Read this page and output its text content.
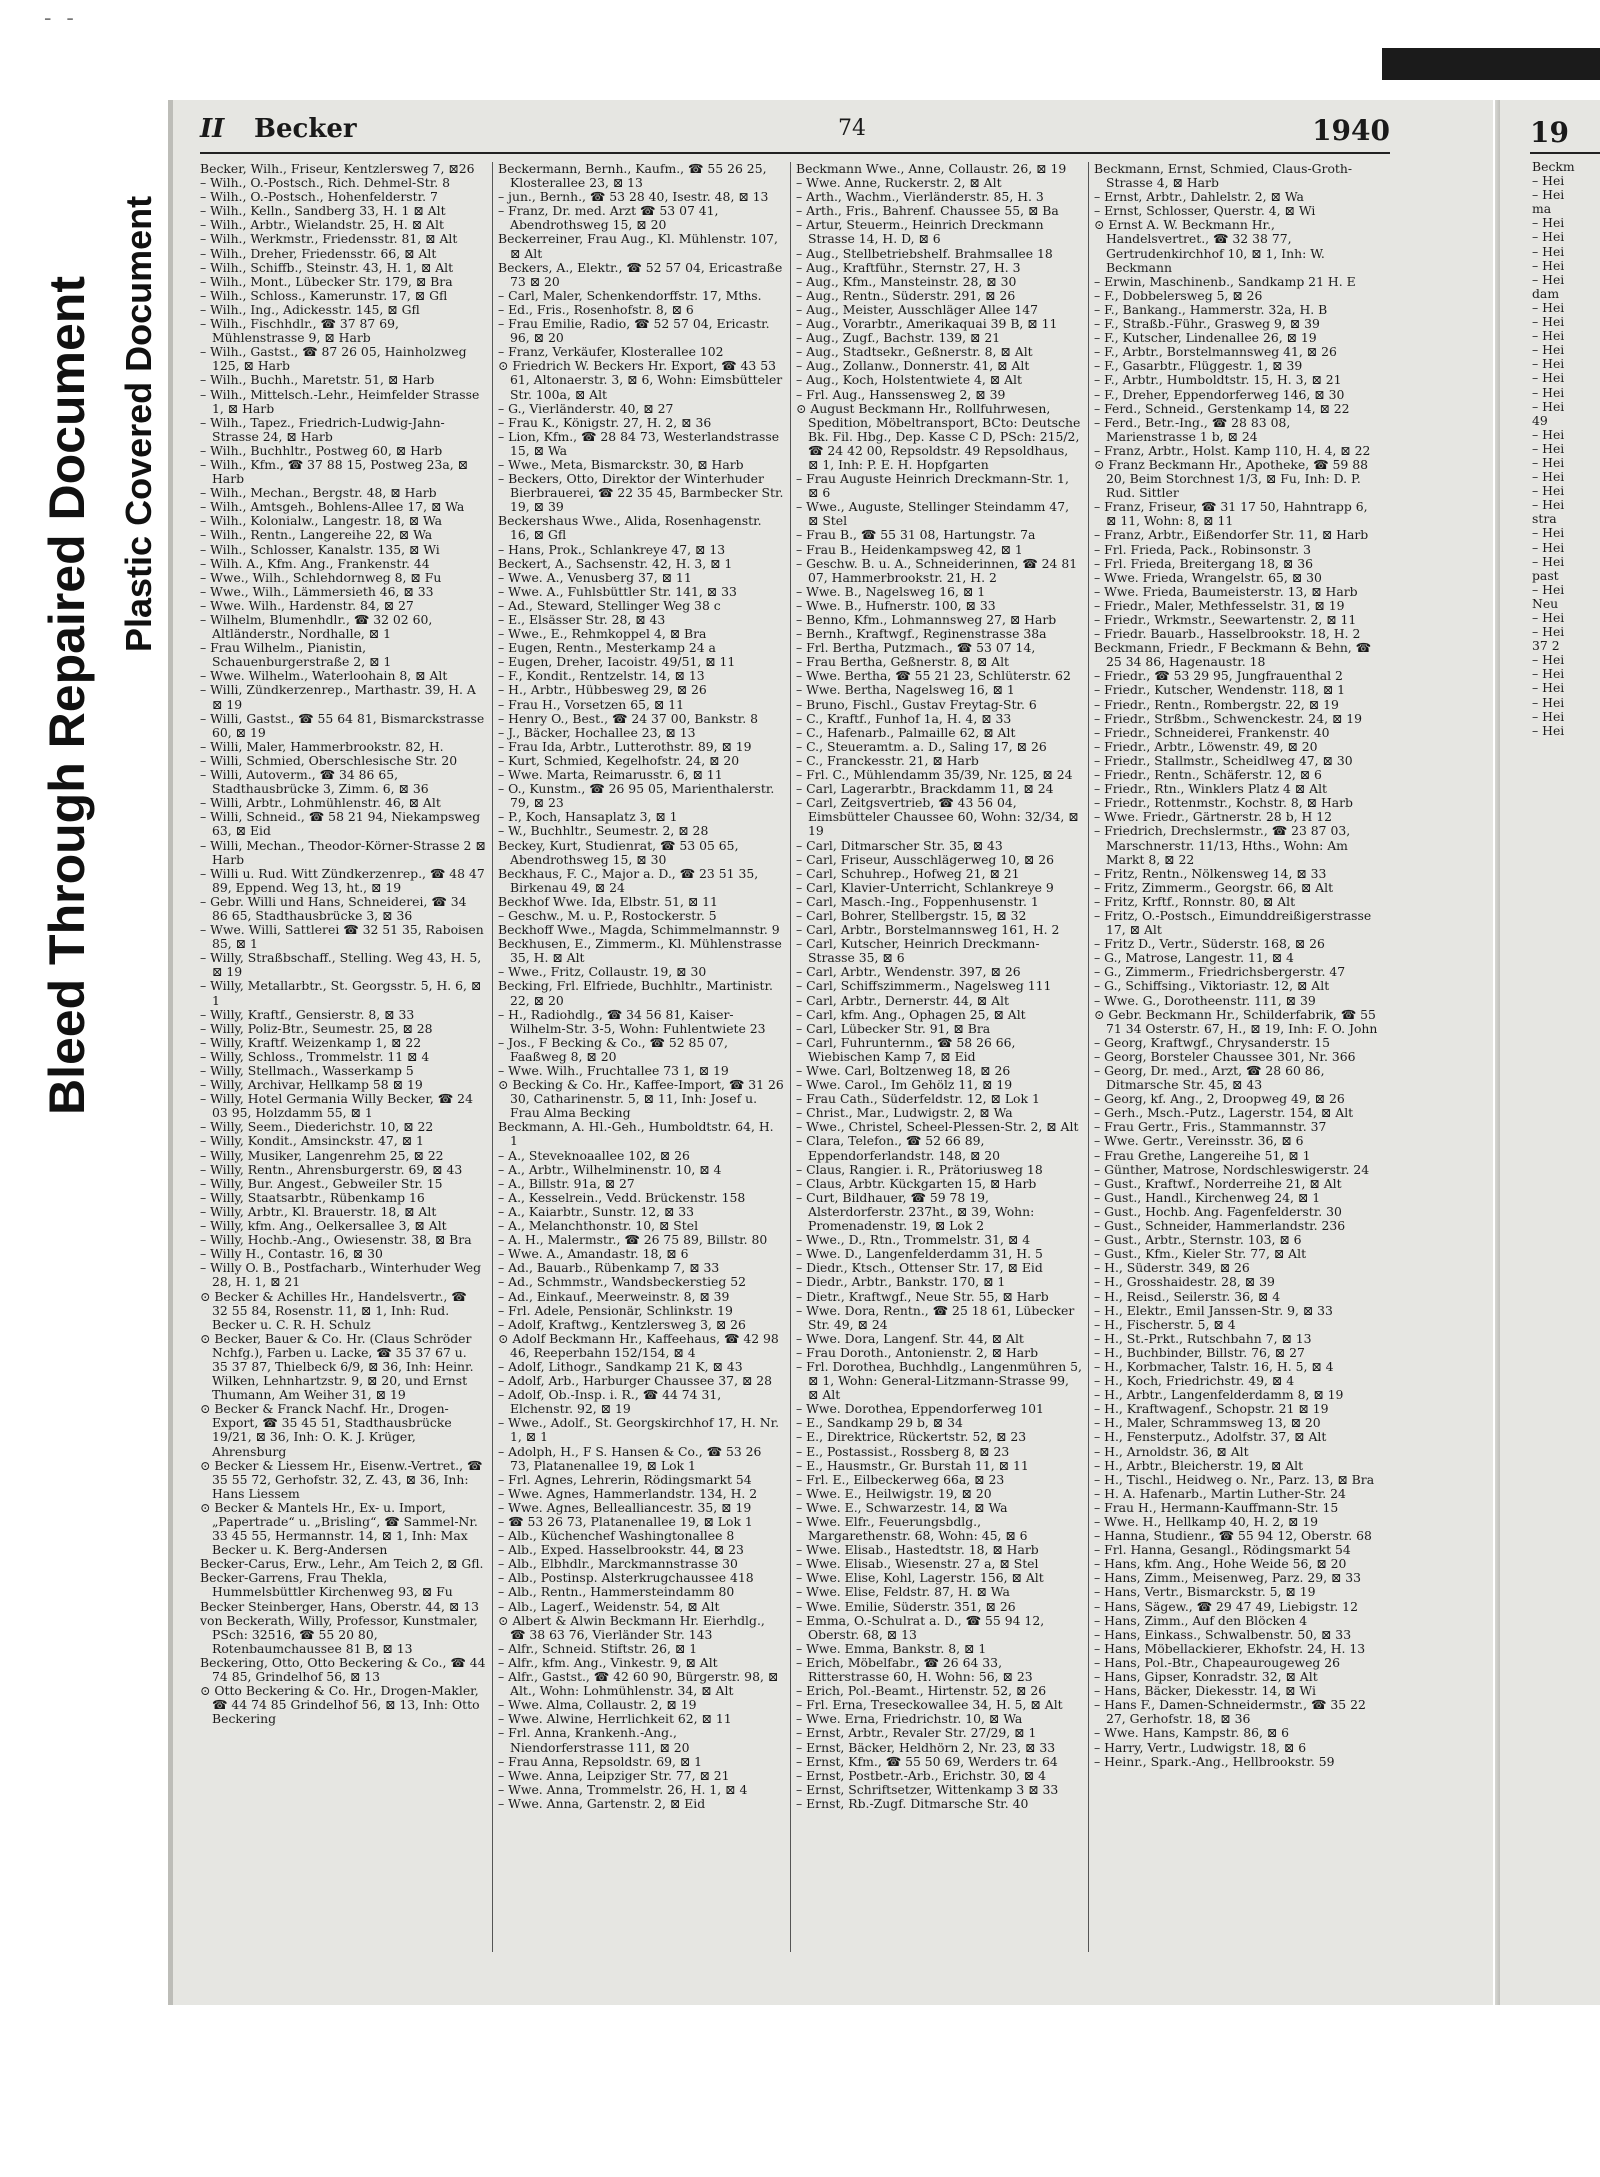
- -
Bleed Through Repaired Document Plastic Covered Document
19
Beckm
– Hei
– Hei
ma
– Hei
– Hei
– Hei
– Hei
– Hei
dam
– Hei
– Hei
– Hei
– Hei
– Hei
– Hei
– Hei
– Hei
49
– Hei
– Hei
– Hei
– Hei
– Hei
– Hei
stra
– Hei
– Hei
– Hei
past
– Hei
Neu
– Hei
– Hei
37 2
– Hei
– Hei
– Hei
– Hei
– Hei
– Hei
II Becker	74	1940
Becker, Wilh., Friseur, Kentzlersweg 7, ⊠26
– Wilh., O.-Postsch., Rich. Dehmel-Str. 8
– Wilh., O.-Postsch., Hohenfelderstr. 7
– Wilh., Kelln., Sandberg 33, H. 1 ⊠ Alt
– Wilh., Arbtr., Wielandstr. 25, H. ⊠ Alt
– Wilh., Werkmstr., Friedensstr. 81, ⊠ Alt
– Wilh., Dreher, Friedensstr. 66, ⊠ Alt
– Wilh., Schiffb., Steinstr. 43, H. 1, ⊠ Alt
– Wilh., Mont., Lübecker Str. 179, ⊠ Bra
– Wilh., Schloss., Kamerunstr. 17, ⊠ Gfl
– Wilh., Ing., Adickesstr. 145, ⊠ Gfl
– Wilh., Fischhdlr., ☎ 37 87 69, Mühlenstrasse 9, ⊠ Harb
– Wilh., Gastst., ☎ 87 26 05, Hainholzweg 125, ⊠ Harb
– Wilh., Buchh., Maretstr. 51, ⊠ Harb
– Wilh., Mittelsch.-Lehr., Heimfelder Strasse 1, ⊠ Harb
– Wilh., Tapez., Friedrich-Ludwig-Jahn-Strasse 24, ⊠ Harb
– Wilh., Buchhltr., Postweg 60, ⊠ Harb
– Wilh., Kfm., ☎ 37 88 15, Postweg 23a, ⊠ Harb
– Wilh., Mechan., Bergstr. 48, ⊠ Harb
– Wilh., Amtsgeh., Bohlens-Allee 17, ⊠ Wa
– Wilh., Kolonialw., Langestr. 18, ⊠ Wa
– Wilh., Rentn., Langereihe 22, ⊠ Wa
– Wilh., Schlosser, Kanalstr. 135, ⊠ Wi
– Wilh. A., Kfm. Ang., Frankenstr. 44
– Wwe., Wilh., Schlehdornweg 8, ⊠ Fu
– Wwe., Wilh., Lämmersieth 46, ⊠ 33
– Wwe. Wilh., Hardenstr. 84, ⊠ 27
– Wilhelm, Blumenhdlr., ☎ 32 02 60, Altländerstr., Nordhalle, ⊠ 1
– Frau Wilhelm., Pianistin, Schauenburgerstraße 2, ⊠ 1
– Wwe. Wilhelm., Waterloohain 8, ⊠ Alt
– Willi, Zündkerzenrep., Marthastr. 39, H. A ⊠ 19
– Willi, Gastst., ☎ 55 64 81, Bismarckstrasse 60, ⊠ 19
– Willi, Maler, Hammerbrookstr. 82, H.
– Willi, Schmied, Oberschlesische Str. 20
– Willi, Autoverm., ☎ 34 86 65, Stadthausbrücke 3, Zimm. 6, ⊠ 36
– Willi, Arbtr., Lohmühlenstr. 46, ⊠ Alt
– Willi, Schneid., ☎ 58 21 94, Niekampsweg 63, ⊠ Eid
– Willi, Mechan., Theodor-Körner-Strasse 2 ⊠ Harb
– Willi u. Rud. Witt Zündkerzenrep., ☎ 48 47 89, Eppend. Weg 13, ht., ⊠ 19
– Gebr. Willi und Hans, Schneiderei, ☎ 34 86 65, Stadthausbrücke 3, ⊠ 36
– Wwe. Willi, Sattlerei ☎ 32 51 35, Raboisen 85, ⊠ 1
– Willy, Straßbschaff., Stelling. Weg 43, H. 5, ⊠ 19
– Willy, Metallarbtr., St. Georgsstr. 5, H. 6, ⊠ 1
– Willy, Kraftf., Gensierstr. 8, ⊠ 33
– Willy, Poliz-Btr., Seumestr. 25, ⊠ 28
– Willy, Kraftf. Weizenkamp 1, ⊠ 22
– Willy, Schloss., Trommelstr. 11 ⊠ 4
– Willy, Stellmach., Wasserkamp 5
– Willy, Archivar, Hellkamp 58 ⊠ 19
– Willy, Hotel Germania Willy Becker, ☎ 24 03 95, Holzdamm 55, ⊠ 1
– Willy, Seem., Diederichstr. 10, ⊠ 22
– Willy, Kondit., Amsinckstr. 47, ⊠ 1
– Willy, Musiker, Langenrehm 25, ⊠ 22
– Willy, Rentn., Ahrensburgerstr. 69, ⊠ 43
– Willy, Bur. Angest., Gebweiler Str. 15
– Willy, Staatsarbtr., Rübenkamp 16
– Willy, Arbtr., Kl. Brauerstr. 18, ⊠ Alt
– Willy, kfm. Ang., Oelkersallee 3, ⊠ Alt
– Willy, Hochb.-Ang., Owiesenstr. 38, ⊠ Bra
– Willy H., Contastr. 16, ⊠ 30
– Willy O. B., Postfacharb., Winterhuder Weg 28, H. 1, ⊠ 21
⊙ Becker & Achilles Hr., Handelsvertr., ☎ 32 55 84, Rosenstr. 11, ⊠ 1, Inh: Rud. Becker u. C. R. H. Schulz
⊙ Becker, Bauer & Co. Hr. (Claus Schröder Nchfg.), Farben u. Lacke, ☎ 35 37 67 u. 35 37 87, Thielbeck 6/9, ⊠ 36, Inh: Heinr. Wilken, Lehnhartzstr. 9, ⊠ 20, und Ernst Thumann, Am Weiher 31, ⊠ 19
⊙ Becker & Franck Nachf. Hr., Drogen-Export, ☎ 35 45 51, Stadthausbrücke 19/21, ⊠ 36, Inh: O. K. J. Krüger, Ahrensburg
⊙ Becker & Liessem Hr., Eisenw.-Vertret., ☎ 35 55 72, Gerhofstr. 32, Z. 43, ⊠ 36, Inh: Hans Liessem
⊙ Becker & Mantels Hr., Ex- u. Import, „Papertrade“ u. „Brisling“, ☎ Sammel-Nr. 33 45 55, Hermannstr. 14, ⊠ 1, Inh: Max Becker u. K. Berg-Andersen
Becker-Carus, Erw., Lehr., Am Teich 2, ⊠ Gfl.
Becker-Garrens, Frau Thekla, Hummelsbüttler Kirchenweg 93, ⊠ Fu
Becker Steinberger, Hans, Oberstr. 44, ⊠ 13
von Beckerath, Willy, Professor, Kunstmaler, PSch: 32516, ☎ 55 20 80, Rotenbaumchaussee 81 B, ⊠ 13
Beckering, Otto, Otto Beckering & Co., ☎ 44 74 85, Grindelhof 56, ⊠ 13
⊙ Otto Beckering & Co. Hr., Drogen-Makler, ☎ 44 74 85 Grindelhof 56, ⊠ 13, Inh: Otto Beckering
Beckermann, Bernh., Kaufm., ☎ 55 26 25, Klosterallee 23, ⊠ 13
– jun., Bernh., ☎ 53 28 40, Isestr. 48, ⊠ 13
– Franz, Dr. med. Arzt ☎ 53 07 41, Abendrothsweg 15, ⊠ 20
Beckerreiner, Frau Aug., Kl. Mühlenstr. 107, ⊠ Alt
Beckers, A., Elektr., ☎ 52 57 04, Ericastraße 73 ⊠ 20
– Carl, Maler, Schenkendorffstr. 17, Mths.
– Ed., Fris., Rosenhofstr. 8, ⊠ 6
– Frau Emilie, Radio, ☎ 52 57 04, Ericastr. 96, ⊠ 20
– Franz, Verkäufer, Klosterallee 102
⊙ Friedrich W. Beckers Hr. Export, ☎ 43 53 61, Altonaerstr. 3, ⊠ 6, Wohn: Eimsbütteler Str. 100a, ⊠ Alt
– G., Vierländerstr. 40, ⊠ 27
– Frau K., Königstr. 27, H. 2, ⊠ 36
– Lion, Kfm., ☎ 28 84 73, Westerlandstrasse 15, ⊠ Wa
– Wwe., Meta, Bismarckstr. 30, ⊠ Harb
– Beckers, Otto, Direktor der Winterhuder Bierbrauerei, ☎ 22 35 45, Barmbecker Str. 19, ⊠ 39
Beckershaus Wwe., Alida, Rosenhagenstr. 16, ⊠ Gfl
– Hans, Prok., Schlankreye 47, ⊠ 13
Beckert, A., Sachsenstr. 42, H. 3, ⊠ 1
– Wwe. A., Venusberg 37, ⊠ 11
– Wwe. A., Fuhlsbüttler Str. 141, ⊠ 33
– Ad., Steward, Stellinger Weg 38 c
– E., Elsässer Str. 28, ⊠ 43
– Wwe., E., Rehmkoppel 4, ⊠ Bra
– Eugen, Rentn., Mesterkamp 24 a
– Eugen, Dreher, Iacoistr. 49/51, ⊠ 11
– F., Kondit., Rentzelstr. 14, ⊠ 13
– H., Arbtr., Hübbesweg 29, ⊠ 26
– Frau H., Vorsetzen 65, ⊠ 11
– Henry O., Best., ☎ 24 37 00, Bankstr. 8
– J., Bäcker, Hochallee 23, ⊠ 13
– Frau Ida, Arbtr., Lutterothstr. 89, ⊠ 19
– Kurt, Schmied, Kegelhofstr. 24, ⊠ 20
– Wwe. Marta, Reimarusstr. 6, ⊠ 11
– O., Kunstm., ☎ 26 95 05, Marienthalerstr. 79, ⊠ 23
– P., Koch, Hansaplatz 3, ⊠ 1
– W., Buchhltr., Seumestr. 2, ⊠ 28
Beckey, Kurt, Studienrat, ☎ 53 05 65, Abendrothsweg 15, ⊠ 30
Beckhaus, F. C., Major a. D., ☎ 23 51 35, Birkenau 49, ⊠ 24
Beckhof Wwe. Ida, Elbstr. 51, ⊠ 11
– Geschw., M. u. P., Rostockerstr. 5
Beckhoff Wwe., Magda, Schimmelmannstr. 9
Beckhusen, E., Zimmerm., Kl. Mühlenstrasse 35, H. ⊠ Alt
– Wwe., Fritz, Collaustr. 19, ⊠ 30
Becking, Frl. Elfriede, Buchhltr., Martinistr. 22, ⊠ 20
– H., Radiohdlg., ☎ 34 56 81, Kaiser-Wilhelm-Str. 3-5, Wohn: Fuhlentwiete 23
– Jos., F Becking & Co., ☎ 52 85 07, Faaßweg 8, ⊠ 20
– Wwe. Wilh., Fruchtallee 73 1, ⊠ 19
⊙ Becking & Co. Hr., Kaffee-Import, ☎ 31 26 30, Catharinenstr. 5, ⊠ 11, Inh: Josef u. Frau Alma Becking
Beckmann, A. Hl.-Geh., Humboldtstr. 64, H. 1
– A., Steveknoaallee 102, ⊠ 26
– A., Arbtr., Wilhelminenstr. 10, ⊠ 4
– A., Billstr. 91a, ⊠ 27
– A., Kesselrein., Vedd. Brückenstr. 158
– A., Kaiarbtr., Sunstr. 12, ⊠ 33
– A., Melanchthonstr. 10, ⊠ Stel
– A. H., Malermstr., ☎ 26 75 89, Billstr. 80
– Wwe. A., Amandastr. 18, ⊠ 6
– Ad., Bauarb., Rübenkamp 7, ⊠ 33
– Ad., Schmmstr., Wandsbeckerstieg 52
– Ad., Einkauf., Meerweinstr. 8, ⊠ 39
– Frl. Adele, Pensionär, Schlinkstr. 19
– Adolf, Kraftwg., Kentzlersweg 3, ⊠ 26
⊙ Adolf Beckmann Hr., Kaffeehaus, ☎ 42 98 46, Reeperbahn 152/154, ⊠ 4
– Adolf, Lithogr., Sandkamp 21 K, ⊠ 43
– Adolf, Arb., Harburger Chaussee 37, ⊠ 28
– Adolf, Ob.-Insp. i. R., ☎ 44 74 31, Elchenstr. 92, ⊠ 19
– Wwe., Adolf., St. Georgskirchhof 17, H. Nr. 1, ⊠ 1
– Adolph, H., F S. Hansen & Co., ☎ 53 26 73, Platanenallee 19, ⊠ Lok 1
– Frl. Agnes, Lehrerin, Rödingsmarkt 54
– Wwe. Agnes, Hammerlandstr. 134, H. 2
– Wwe. Agnes, Bellealliancestr. 35, ⊠ 19
– ☎ 53 26 73, Platanenallee 19, ⊠ Lok 1
– Alb., Küchenchef Washingtonallee 8
– Alb., Exped. Hasselbrookstr. 44, ⊠ 23
– Alb., Elbhdlr., Marckmannstrasse 30
– Alb., Postinsp. Alsterkrugchaussee 418
– Alb., Rentn., Hammersteindamm 80
– Alb., Lagerf., Weidenstr. 54, ⊠ Alt
⊙ Albert & Alwin Beckmann Hr. Eierhdlg., ☎ 38 63 76, Vierländer Str. 143
– Alfr., Schneid. Stiftstr. 26, ⊠ 1
– Alfr., kfm. Ang., Vinkestr. 9, ⊠ Alt
– Alfr., Gastst., ☎ 42 60 90, Bürgerstr. 98, ⊠ Alt., Wohn: Lohmühlenstr. 34, ⊠ Alt
– Wwe. Alma, Collaustr. 2, ⊠ 19
– Wwe. Alwine, Herrlichkeit 62, ⊠ 11
– Frl. Anna, Krankenh.-Ang., Niendorferstrasse 111, ⊠ 20
– Frau Anna, Repsoldstr. 69, ⊠ 1
– Wwe. Anna, Leipziger Str. 77, ⊠ 21
– Wwe. Anna, Trommelstr. 26, H. 1, ⊠ 4
– Wwe. Anna, Gartenstr. 2, ⊠ Eid
Beckmann Wwe., Anne, Collaustr. 26, ⊠ 19
– Wwe. Anne, Ruckerstr. 2, ⊠ Alt
– Arth., Wachm., Vierländerstr. 85, H. 3
– Arth., Fris., Bahrenf. Chaussee 55, ⊠ Ba
– Artur, Steuerm., Heinrich Dreckmann Strasse 14, H. D, ⊠ 6
– Aug., Stellbetriebshelf. Brahmsallee 18
– Aug., Kraftführ., Sternstr. 27, H. 3
– Aug., Kfm., Mansteinstr. 28, ⊠ 30
– Aug., Rentn., Süderstr. 291, ⊠ 26
– Aug., Meister, Ausschläger Allee 147
– Aug., Vorarbtr., Amerikaquai 39 B, ⊠ 11
– Aug., Zugf., Bachstr. 139, ⊠ 21
– Aug., Stadtsekr., Geßnerstr. 8, ⊠ Alt
– Aug., Zollanw., Donnerstr. 41, ⊠ Alt
– Aug., Koch, Holstentwiete 4, ⊠ Alt
– Frl. Aug., Hanssensweg 2, ⊠ 39
⊙ August Beckmann Hr., Rollfuhrwesen, Spedition, Möbeltransport, BCto: Deutsche Bk. Fil. Hbg., Dep. Kasse C D, PSch: 215/2, ☎ 24 42 00, Repsoldstr. 49 Repsoldhaus, ⊠ 1, Inh: P. E. H. Hopfgarten
– Frau Auguste Heinrich Dreckmann-Str. 1, ⊠ 6
– Wwe., Auguste, Stellinger Steindamm 47, ⊠ Stel
– Frau B., ☎ 55 31 08, Hartungstr. 7a
– Frau B., Heidenkampsweg 42, ⊠ 1
– Geschw. B. u. A., Schneiderinnen, ☎ 24 81 07, Hammerbrookstr. 21, H. 2
– Wwe. B., Nagelsweg 16, ⊠ 1
– Wwe. B., Hufnerstr. 100, ⊠ 33
– Benno, Kfm., Lohmannsweg 27, ⊠ Harb
– Bernh., Kraftwgf., Reginenstrasse 38a
– Frl. Bertha, Putzmach., ☎ 53 07 14,
– Frau Bertha, Geßnerstr. 8, ⊠ Alt
– Wwe. Bertha, ☎ 55 21 23, Schlüterstr. 62
– Wwe. Bertha, Nagelsweg 16, ⊠ 1
– Bruno, Fischl., Gustav Freytag-Str. 6
– C., Kraftf., Funhof 1a, H. 4, ⊠ 33
– C., Hafenarb., Palmaille 62, ⊠ Alt
– C., Steueramtm. a. D., Saling 17, ⊠ 26
– C., Franckesstr. 21, ⊠ Harb
– Frl. C., Mühlendamm 35/39, Nr. 125, ⊠ 24
– Carl, Lagerarbtr., Brackdamm 11, ⊠ 24
– Carl, Zeitgsvertrieb, ☎ 43 56 04, Eimsbütteler Chaussee 60, Wohn: 32/34, ⊠ 19
– Carl, Ditmarscher Str. 35, ⊠ 43
– Carl, Friseur, Ausschlägerweg 10, ⊠ 26
– Carl, Schuhrep., Hofweg 21, ⊠ 21
– Carl, Klavier-Unterricht, Schlankreye 9
– Carl, Masch.-Ing., Foppenhusenstr. 1
– Carl, Bohrer, Stellbergstr. 15, ⊠ 32
– Carl, Arbtr., Borstelmannsweg 161, H. 2
– Carl, Kutscher, Heinrich Dreckmann-Strasse 35, ⊠ 6
– Carl, Arbtr., Wendenstr. 397, ⊠ 26
– Carl, Schiffszimmerm., Nagelsweg 111
– Carl, Arbtr., Dernerstr. 44, ⊠ Alt
– Carl, kfm. Ang., Ophagen 25, ⊠ Alt
– Carl, Lübecker Str. 91, ⊠ Bra
– Carl, Fuhrunternm., ☎ 58 26 66, Wiebischen Kamp 7, ⊠ Eid
– Wwe. Carl, Boltzenweg 18, ⊠ 26
– Wwe. Carol., Im Gehölz 11, ⊠ 19
– Frau Cath., Süderfeldstr. 12, ⊠ Lok 1
– Christ., Mar., Ludwigstr. 2, ⊠ Wa
– Wwe., Christel, Scheel-Plessen-Str. 2, ⊠ Alt
– Clara, Telefon., ☎ 52 66 89, Eppendorferlandstr. 148, ⊠ 20
– Claus, Rangier. i. R., Prätoriusweg 18
– Claus, Arbtr. Kückgarten 15, ⊠ Harb
– Curt, Bildhauer, ☎ 59 78 19, Alsterdorferstr. 237ht., ⊠ 39, Wohn: Promenadenstr. 19, ⊠ Lok 2
– Wwe., D., Rtn., Trommelstr. 31, ⊠ 4
– Wwe. D., Langenfelderdamm 31, H. 5
– Diedr., Ktsch., Ottenser Str. 17, ⊠ Eid
– Diedr., Arbtr., Bankstr. 170, ⊠ 1
– Dietr., Kraftwgf., Neue Str. 55, ⊠ Harb
– Wwe. Dora, Rentn., ☎ 25 18 61, Lübecker Str. 49, ⊠ 24
– Wwe. Dora, Langenf. Str. 44, ⊠ Alt
– Frau Doroth., Antonienstr. 2, ⊠ Harb
– Frl. Dorothea, Buchhdlg., Langenmühren 5, ⊠ 1, Wohn: General-Litzmann-Strasse 99, ⊠ Alt
– Wwe. Dorothea, Eppendorferweg 101
– E., Sandkamp 29 b, ⊠ 34
– E., Direktrice, Rückertstr. 52, ⊠ 23
– E., Postassist., Rossberg 8, ⊠ 23
– E., Hausmstr., Gr. Burstah 11, ⊠ 11
– Frl. E., Eilbeckerweg 66a, ⊠ 23
– Wwe. E., Heilwigstr. 19, ⊠ 20
– Wwe. E., Schwarzestr. 14, ⊠ Wa
– Wwe. Elfr., Feuerungsbdlg., Margarethenstr. 68, Wohn: 45, ⊠ 6
– Wwe. Elisab., Hastedtstr. 18, ⊠ Harb
– Wwe. Elisab., Wiesenstr. 27 a, ⊠ Stel
– Wwe. Elise, Kohl, Lagerstr. 156, ⊠ Alt
– Wwe. Elise, Feldstr. 87, H. ⊠ Wa
– Wwe. Emilie, Süderstr. 351, ⊠ 26
– Emma, O.-Schulrat a. D., ☎ 55 94 12, Oberstr. 68, ⊠ 13
– Wwe. Emma, Bankstr. 8, ⊠ 1
– Erich, Möbelfabr., ☎ 26 64 33, Ritterstrasse 60, H. Wohn: 56, ⊠ 23
– Erich, Pol.-Beamt., Hirtenstr. 52, ⊠ 26
– Frl. Erna, Treseckowallee 34, H. 5, ⊠ Alt
– Wwe. Erna, Friedrichstr. 10, ⊠ Wa
– Ernst, Arbtr., Revaler Str. 27/29, ⊠ 1
– Ernst, Bäcker, Heldhörn 2, Nr. 23, ⊠ 33
– Ernst, Kfm., ☎ 55 50 69, Werders tr. 64
– Ernst, Postbetr.-Arb., Erichstr. 30, ⊠ 4
– Ernst, Schriftsetzer, Wittenkamp 3 ⊠ 33
– Ernst, Rb.-Zugf. Ditmarsche Str. 40
Beckmann, Ernst, Schmied, Claus-Groth-Strasse 4, ⊠ Harb
– Ernst, Arbtr., Dahlelstr. 2, ⊠ Wa
– Ernst, Schlosser, Querstr. 4, ⊠ Wi
⊙ Ernst A. W. Beckmann Hr., Handelsvertret., ☎ 32 38 77, Gertrudenkirchhof 10, ⊠ 1, Inh: W. Beckmann
– Erwin, Maschinenb., Sandkamp 21 H. E
– F., Dobbelersweg 5, ⊠ 26
– F., Bankang., Hammerstr. 32a, H. B
– F., Straßb.-Führ., Grasweg 9, ⊠ 39
– F., Kutscher, Lindenallee 26, ⊠ 19
– F., Arbtr., Borstelmannsweg 41, ⊠ 26
– F., Gasarbtr., Flüggestr. 1, ⊠ 39
– F., Arbtr., Humboldtstr. 15, H. 3, ⊠ 21
– F., Dreher, Eppendorferweg 146, ⊠ 30
– Ferd., Schneid., Gerstenkamp 14, ⊠ 22
– Ferd., Betr.-Ing., ☎ 28 83 08, Marienstrasse 1 b, ⊠ 24
– Franz, Arbtr., Holst. Kamp 110, H. 4, ⊠ 22
⊙ Franz Beckmann Hr., Apotheke, ☎ 59 88 20, Beim Storchnest 1/3, ⊠ Fu, Inh: D. P. Rud. Sittler
– Franz, Friseur, ☎ 31 17 50, Hahntrapp 6, ⊠ 11, Wohn: 8, ⊠ 11
– Franz, Arbtr., Eißendorfer Str. 11, ⊠ Harb
– Frl. Frieda, Pack., Robinsonstr. 3
– Frl. Frieda, Breitergang 18, ⊠ 36
– Wwe. Frieda, Wrangelstr. 65, ⊠ 30
– Wwe. Frieda, Baumeisterstr. 13, ⊠ Harb
– Friedr., Maler, Methfesselstr. 31, ⊠ 19
– Friedr., Wrkmstr., Seewartenstr. 2, ⊠ 11
– Friedr. Bauarb., Hasselbrookstr. 18, H. 2
Beckmann, Friedr., F Beckmann & Behn, ☎ 25 34 86, Hagenaustr. 18
– Friedr., ☎ 53 29 95, Jungfrauenthal 2
– Friedr., Kutscher, Wendenstr. 118, ⊠ 1
– Friedr., Rentn., Rombergstr. 22, ⊠ 19
– Friedr., Strßbm., Schwenckestr. 24, ⊠ 19
– Friedr., Schneiderei, Frankenstr. 40
– Friedr., Arbtr., Löwenstr. 49, ⊠ 20
– Friedr., Stallmstr., Scheidlweg 47, ⊠ 30
– Friedr., Rentn., Schäferstr. 12, ⊠ 6
– Friedr., Rtn., Winklers Platz 4 ⊠ Alt
– Friedr., Rottenmstr., Kochstr. 8, ⊠ Harb
– Wwe. Friedr., Gärtnerstr. 28 b, H 12
– Friedrich, Drechslermstr., ☎ 23 87 03, Marschnerstr. 11/13, Hths., Wohn: Am Markt 8, ⊠ 22
– Fritz, Rentn., Nölkensweg 14, ⊠ 33
– Fritz, Zimmerm., Georgstr. 66, ⊠ Alt
– Fritz, Krftf., Ronnstr. 80, ⊠ Alt
– Fritz, O.-Postsch., Eimunddreißigerstrasse 17, ⊠ Alt
– Fritz D., Vertr., Süderstr. 168, ⊠ 26
– G., Matrose, Langestr. 11, ⊠ 4
– G., Zimmerm., Friedrichsbergerstr. 47
– G., Schiffsing., Viktoriastr. 12, ⊠ Alt
– Wwe. G., Dorotheenstr. 111, ⊠ 39
⊙ Gebr. Beckmann Hr., Schilderfabrik, ☎ 55 71 34 Osterstr. 67, H., ⊠ 19, Inh: F. O. John
– Georg, Kraftwgf., Chrysanderstr. 15
– Georg, Borsteler Chaussee 301, Nr. 366
– Georg, Dr. med., Arzt, ☎ 28 60 86, Ditmarsche Str. 45, ⊠ 43
– Georg, kf. Ang., 2, Droopweg 49, ⊠ 26
– Gerh., Msch.-Putz., Lagerstr. 154, ⊠ Alt
– Frau Gertr., Fris., Stammannstr. 37
– Wwe. Gertr., Vereinsstr. 36, ⊠ 6
– Frau Grethe, Langereihe 51, ⊠ 1
– Günther, Matrose, Nordschleswigerstr. 24
– Gust., Kraftwf., Norderreihe 21, ⊠ Alt
– Gust., Handl., Kirchenweg 24, ⊠ 1
– Gust., Hochb. Ang. Fagenfelderstr. 30
– Gust., Schneider, Hammerlandstr. 236
– Gust., Arbtr., Sternstr. 103, ⊠ 6
– Gust., Kfm., Kieler Str. 77, ⊠ Alt
– H., Süderstr. 349, ⊠ 26
– H., Grosshaidestr. 28, ⊠ 39
– H., Reisd., Seilerstr. 36, ⊠ 4
– H., Elektr., Emil Janssen-Str. 9, ⊠ 33
– H., Fischerstr. 5, ⊠ 4
– H., St.-Prkt., Rutschbahn 7, ⊠ 13
– H., Buchbinder, Billstr. 76, ⊠ 27
– H., Korbmacher, Talstr. 16, H. 5, ⊠ 4
– H., Koch, Friedrichstr. 49, ⊠ 4
– H., Arbtr., Langenfelderdamm 8, ⊠ 19
– H., Kraftwagenf., Schopstr. 21 ⊠ 19
– H., Maler, Schrammsweg 13, ⊠ 20
– H., Fensterputz., Adolfstr. 37, ⊠ Alt
– H., Arnoldstr. 36, ⊠ Alt
– H., Arbtr., Bleicherstr. 19, ⊠ Alt
– H., Tischl., Heidweg o. Nr., Parz. 13, ⊠ Bra
– H. A. Hafenarb., Martin Luther-Str. 24
– Frau H., Hermann-Kauffmann-Str. 15
– Wwe. H., Hellkamp 40, H. 2, ⊠ 19
– Hanna, Studienr., ☎ 55 94 12, Oberstr. 68
– Frl. Hanna, Gesangl., Rödingsmarkt 54
– Hans, kfm. Ang., Hohe Weide 56, ⊠ 20
– Hans, Zimm., Meisenweg, Parz. 29, ⊠ 33
– Hans, Vertr., Bismarckstr. 5, ⊠ 19
– Hans, Sägew., ☎ 29 47 49, Liebigstr. 12
– Hans, Zimm., Auf den Blöcken 4
– Hans, Einkass., Schwalbenstr. 50, ⊠ 33
– Hans, Möbellackierer, Ekhofstr. 24, H. 13
– Hans, Pol.-Btr., Chapeaurougeweg 26
– Hans, Gipser, Konradstr. 32, ⊠ Alt
– Hans, Bäcker, Diekesstr. 14, ⊠ Wi
– Hans F., Damen-Schneidermstr., ☎ 35 22 27, Gerhofstr. 18, ⊠ 36
– Wwe. Hans, Kampstr. 86, ⊠ 6
– Harry, Vertr., Ludwigstr. 18, ⊠ 6
– Heinr., Spark.-Ang., Hellbrookstr. 59
